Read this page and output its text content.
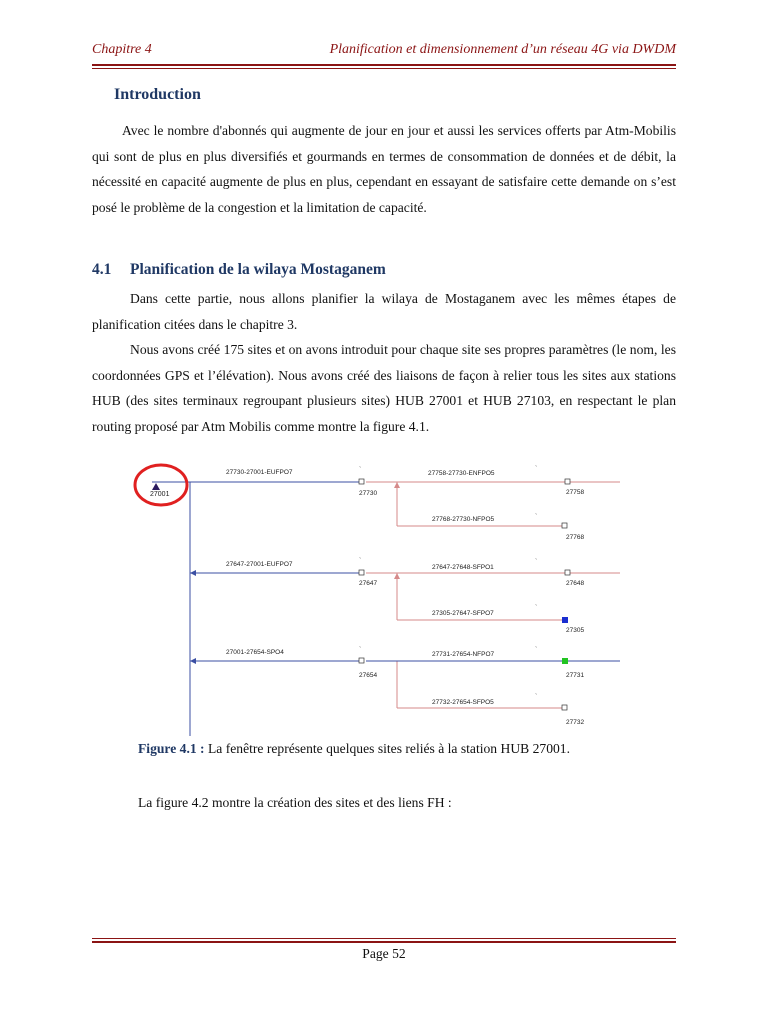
Chapitre 4	Planification et dimensionnement d’un réseau 4G via DWDM
Introduction

Avec le nombre d'abonnés qui augmente de jour en jour et aussi les services offerts par Atm-Mobilis qui sont de plus en plus diversifiés et gourmands en termes de consommation de données et de débit, la nécessité en capacité augmente de plus en plus, cependant en essayant de satisfaire cette demande on s’est posé le problème de la congestion et la limitation de capacité.

4.1 Planification de la wilaya Mostaganem

Dans cette partie, nous allons planifier la wilaya de Mostaganem avec les mêmes étapes de planification citées dans le chapitre 3.

Nous avons créé 175 sites et on avons introduit pour chaque site ses propres paramètres (le nom, les coordonnées GPS et l’élévation). Nous avons créé des liaisons de façon à relier tous les sites aux stations HUB (des sites terminaux regroupant plusieurs sites) HUB 27001 et HUB 27103, en respectant le plan routing proposé par Atm Mobilis comme montre la figure 4.1.

27001
27730-27001-EUFPO7
27647-27001-EUFPO7
27001-27654-SPO4
27730
27647
27654
27758-27730-ENFPO5
27768-27730-NFPO5
27647-27648-SFPO1
27305-27647-SFPO7
27731-27654-NFPO7
27732-27654-SFPO5
27758
27768
27648
27305
27731
27732
`	`
`
`	`
`
`	`
`
Figure 4.1 : La fenêtre représente quelques sites reliés à la station HUB 27001.
La figure 4.2 montre la création des sites et des liens FH :
Page 52
